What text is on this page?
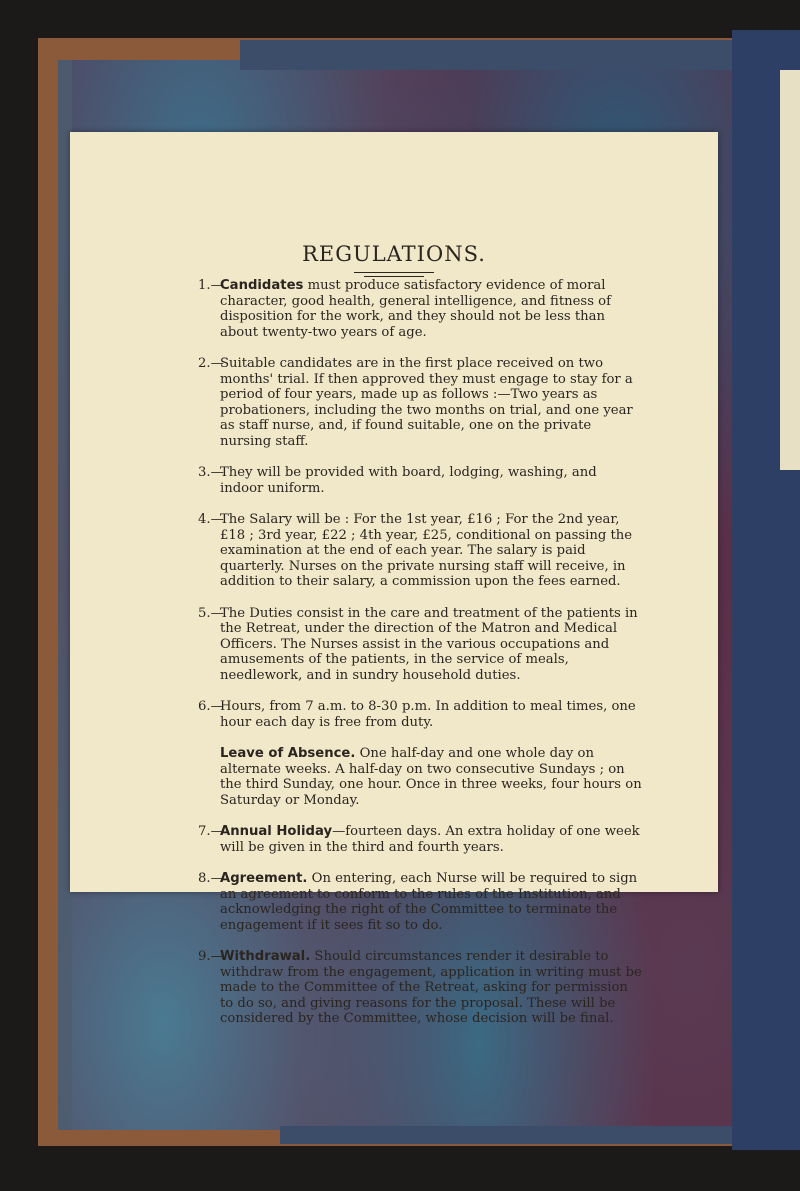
REGULATIONS.
1.—
Candidates must produce satisfactory evidence of moral character, good health, general intelligence, and fitness of disposition for the work, and they should not be less than about twenty-two years of age.
2.—
Suitable candidates are in the first place received on two months' trial. If then approved they must engage to stay for a period of four years, made up as follows :—Two years as probationers, including the two months on trial, and one year as staff nurse, and, if found suitable, one on the private nursing staff.
3.—
They will be provided with board, lodging, washing, and indoor uniform.
4.—
The Salary will be : For the 1st year, £16 ; For the 2nd year, £18 ; 3rd year, £22 ; 4th year, £25, conditional on passing the examination at the end of each year. The salary is paid quarterly. Nurses on the private nursing staff will receive, in addition to their salary, a commission upon the fees earned.
5.—
The Duties consist in the care and treatment of the patients in the Retreat, under the direction of the Matron and Medical Officers. The Nurses assist in the various occupations and amusements of the patients, in the service of meals, needlework, and in sundry household duties.
6.—
Hours, from 7 a.m. to 8-30 p.m. In addition to meal times, one hour each day is free from duty.
Leave of Absence. One half-day and one whole day on alternate weeks. A half-day on two consecutive Sundays ; on the third Sunday, one hour. Once in three weeks, four hours on Saturday or Monday.
7.—
Annual Holiday—fourteen days. An extra holiday of one week will be given in the third and fourth years.
8.—
Agreement. On entering, each Nurse will be required to sign an agreement to conform to the rules of the Institution, and acknowledging the right of the Committee to terminate the engagement if it sees fit so to do.
9.—
Withdrawal. Should circumstances render it desirable to withdraw from the engagement, application in writing must be made to the Committee of the Retreat, asking for permission to do so, and giving reasons for the proposal. These will be considered by the Committee, whose decision will be final.
